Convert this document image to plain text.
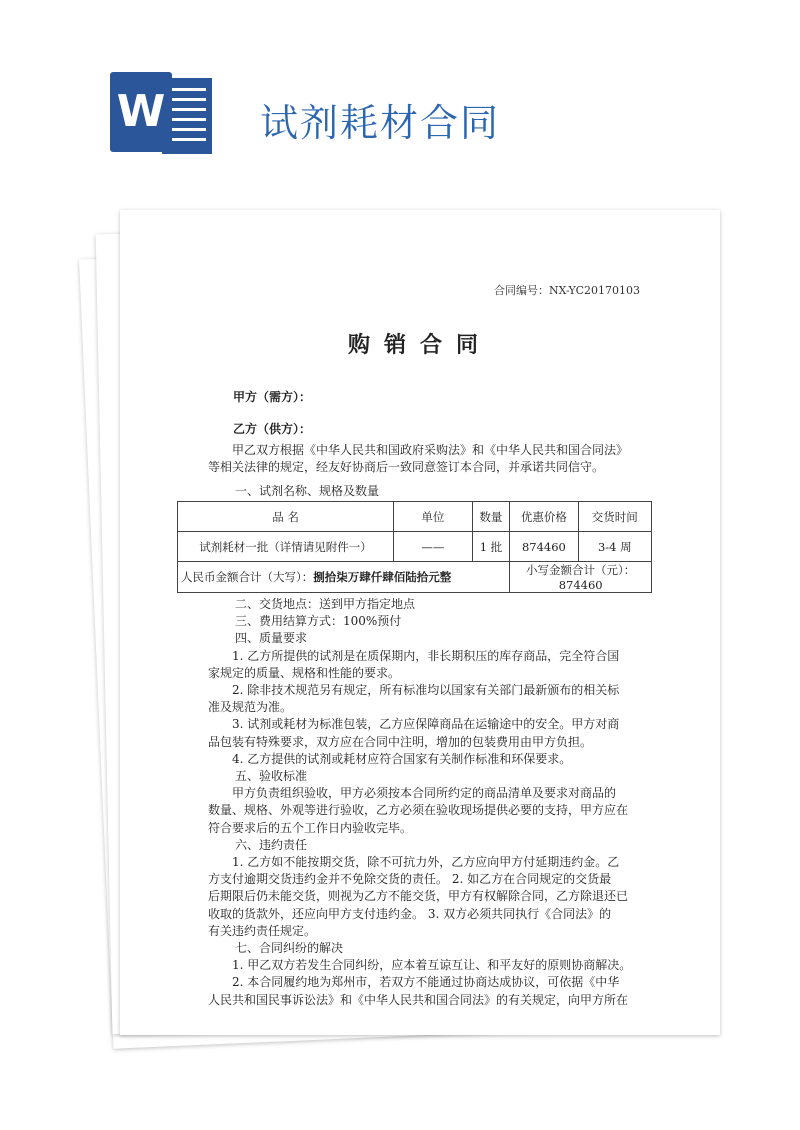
W 试剂耗材合同
合同编号：NX-YC20170103
购销合同
甲方（需方）：
乙方（供方）：

甲乙双方根据《中华人民共和国政府采购法》和《中华人民共和国合同法》等相关法律的规定，经友好协商后一致同意签订本合同，并承诺共同信守。

一、试剂名称、规格及数量
品 名	单位	数量	优惠价格	交货时间
试剂耗材一批（详情请见附件一）	——	1 批	874460	3-4 周
人民币金额合计（大写）：捌拾柒万肆仟肆佰陆拾元整			小写金额合计（元）：874460	

二、交货地点：送到甲方指定地点

三、费用结算方式：100%预付

四、质量要求

1. 乙方所提供的试剂是在质保期内，非长期积压的库存商品，完全符合国

家规定的质量、规格和性能的要求。

2. 除非技术规范另有规定，所有标准均以国家有关部门最新颁布的相关标

准及规范为准。

3. 试剂或耗材为标准包装，乙方应保障商品在运输途中的安全。甲方对商

品包装有特殊要求，双方应在合同中注明，增加的包装费用由甲方负担。

4. 乙方提供的试剂或耗材应符合国家有关制作标准和环保要求。

五、验收标准

甲方负责组织验收，甲方必须按本合同所约定的商品清单及要求对商品的

数量、规格、外观等进行验收，乙方必须在验收现场提供必要的支持，甲方应在

符合要求后的五个工作日内验收完毕。

六、违约责任

1. 乙方如不能按期交货，除不可抗力外，乙方应向甲方付延期违约金。乙

方支付逾期交货违约金并不免除交货的责任。 2. 如乙方在合同规定的交货最

后期限后仍未能交货，则视为乙方不能交货，甲方有权解除合同，乙方除退还已

收取的货款外，还应向甲方支付违约金。 3. 双方必须共同执行《合同法》的

有关违约责任规定。

七、合同纠纷的解决

1. 甲乙双方若发生合同纠纷，应本着互谅互让、和平友好的原则协商解决。

2. 本合同履约地为郑州市，若双方不能通过协商达成协议，可依据《中华

人民共和国民事诉讼法》和《中华人民共和国合同法》的有关规定，向甲方所在
